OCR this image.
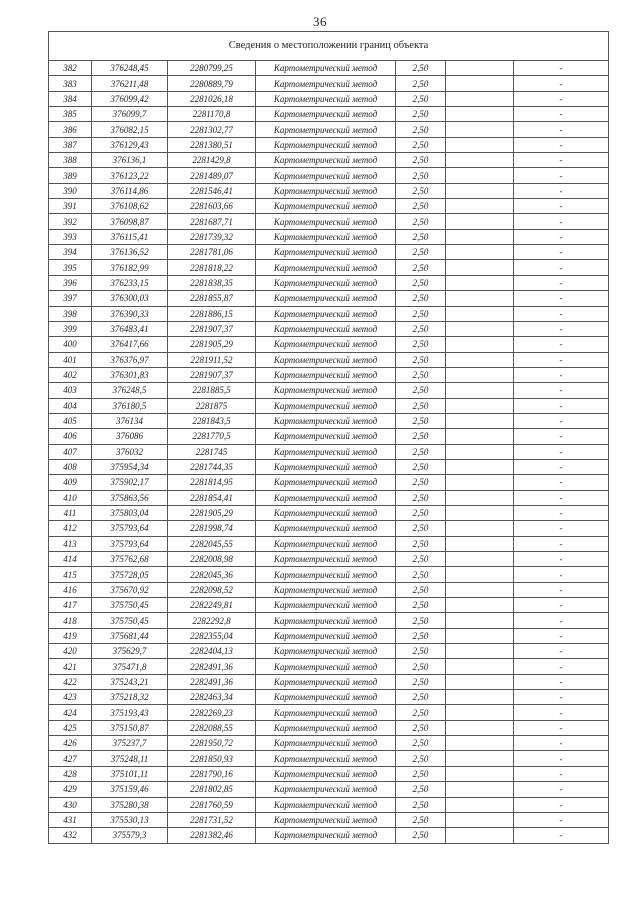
36
Сведения о местоположении границ объекта						
382	376248,45	2280799,25	Картометрический метод	2,50		-
383	376211,48	2280889,79	Картометрический метод	2,50		-
384	376099,42	2281026,18	Картометрический метод	2,50		-
385	376099,7	2281170,8	Картометрический метод	2,50		-
386	376082,15	2281302,77	Картометрический метод	2,50		-
387	376129,43	2281380,51	Картометрический метод	2,50		-
388	376136,1	2281429,8	Картометрический метод	2,50		-
389	376123,22	2281489,07	Картометрический метод	2,50		-
390	376114,86	2281546,41	Картометрический метод	2,50		-
391	376108,62	2281603,66	Картометрический метод	2,50		-
392	376098,87	2281687,71	Картометрический метод	2,50		-
393	376115,41	2281739,32	Картометрический метод	2,50		-
394	376136,52	2281781,06	Картометрический метод	2,50		-
395	376182,99	2281818,22	Картометрический метод	2,50		-
396	376233,15	2281838,35	Картометрический метод	2,50		-
397	376300,03	2281855,87	Картометрический метод	2,50		-
398	376390,33	2281886,15	Картометрический метод	2,50		-
399	376483,41	2281907,37	Картометрический метод	2,50		-
400	376417,66	2281905,29	Картометрический метод	2,50		-
401	376376,97	2281911,52	Картометрический метод	2,50		-
402	376301,83	2281907,37	Картометрический метод	2,50		-
403	376248,5	2281885,5	Картометрический метод	2,50		-
404	376180,5	2281875	Картометрический метод	2,50		-
405	376134	2281843,5	Картометрический метод	2,50		-
406	376086	2281770,5	Картометрический метод	2,50		-
407	376032	2281745	Картометрический метод	2,50		-
408	375954,34	2281744,35	Картометрический метод	2,50		-
409	375902,17	2281814,95	Картометрический метод	2,50		-
410	375863,56	2281854,41	Картометрический метод	2,50		-
411	375803,04	2281905,29	Картометрический метод	2,50		-
412	375793,64	2281998,74	Картометрический метод	2,50		-
413	375793,64	2282045,55	Картометрический метод	2,50		-
414	375762,68	2282008,98	Картометрический метод	2,50		-
415	375728,05	2282045,36	Картометрический метод	2,50		-
416	375670,92	2282098,52	Картометрический метод	2,50		-
417	375750,45	2282249,81	Картометрический метод	2,50		-
418	375750,45	2282292,8	Картометрический метод	2,50		-
419	375681,44	2282355,04	Картометрический метод	2,50		-
420	375629,7	2282404,13	Картометрический метод	2,50		-
421	375471,8	2282491,36	Картометрический метод	2,50		-
422	375243,21	2282491,36	Картометрический метод	2,50		-
423	375218,32	2282463,34	Картометрический метод	2,50		-
424	375193,43	2282269,23	Картометрический метод	2,50		-
425	375150,87	2282088,55	Картометрический метод	2,50		-
426	375237,7	2281950,72	Картометрический метод	2,50		-
427	375248,11	2281850,93	Картометрический метод	2,50		-
428	375101,11	2281790,16	Картометрический метод	2,50		-
429	375159,46	2281802,85	Картометрический метод	2,50		-
430	375280,38	2281760,59	Картометрический метод	2,50		-
431	375530,13	2281731,52	Картометрический метод	2,50		-
432	375579,3	2281382,46	Картометрический метод	2,50		-
